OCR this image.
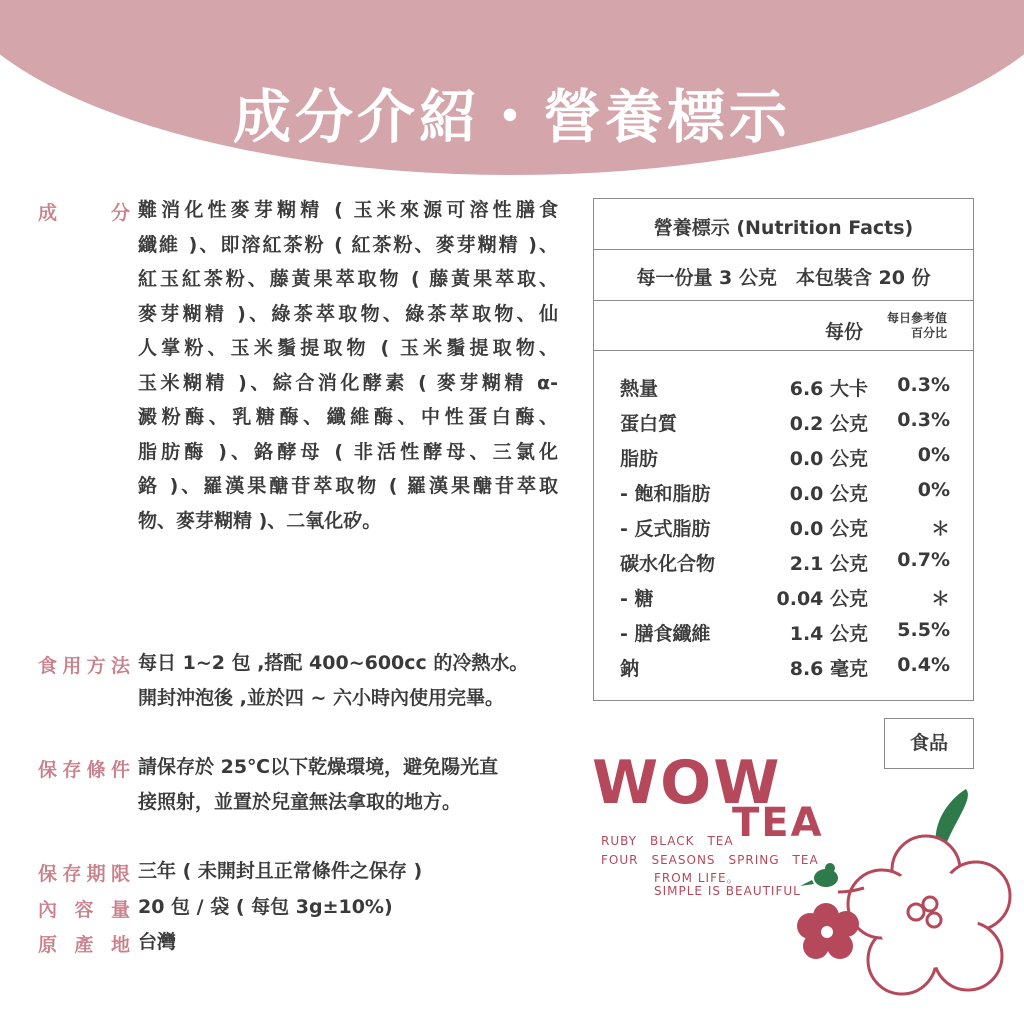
成分介紹・營養標示
成分 難消化性麥芽糊精 ( 玉米來源可溶性膳食
纖維 )、即溶紅茶粉 ( 紅茶粉、麥芽糊精 )、
紅玉紅茶粉、藤黃果萃取物 ( 藤黃果萃取、
麥芽糊精 )、綠茶萃取物、綠茶萃取物、仙
人掌粉、玉米鬚提取物 ( 玉米鬚提取物、
玉米糊精 )、綜合消化酵素 ( 麥芽糊精 α-
澱粉酶、乳糖酶、纖維酶、中性蛋白酶、
脂肪酶 )、鉻酵母 ( 非活性酵母、三氯化
鉻 )、羅漢果醣苷萃取物 ( 羅漢果醣苷萃取
物、麥芽糊精 )、二氧化矽。
食用方法 每日 1~2 包 ,搭配 400~600cc 的冷熱水。
開封沖泡後 ,並於四 ~ 六小時內使用完畢。
保存條件 請保存於 25℃以下乾燥環境，避免陽光直
接照射，並置於兒童無法拿取的地方。
保存期限 三年 ( 未開封且正常條件之保存 )
內容量 20 包 / 袋 ( 每包 3g±10%)
原產地 台灣
營養標示 (Nutrition Facts)
每一份量 3 公克　本包裝含 20 份
每份
每日參考值
百分比
熱量	6.6 大卡 0.3%
蛋白質	0.2 公克 0.3%
脂肪	0.0 公克	0%
- 飽和脂肪	0.0 公克	0%
- 反式脂肪	0.0 公克	＊
碳水化合物	2.1 公克 0.7%
- 糖	0.04 公克	＊
- 膳食纖維	1.4 公克 5.5%
鈉	8.6 毫克 0.4%
食品
WOW
TEA
RUBY　BLACK　TEA
FOUR　SEASONS　SPRING　TEA
FROM LIFE。
SIMPLE IS BEAUTIFUL
